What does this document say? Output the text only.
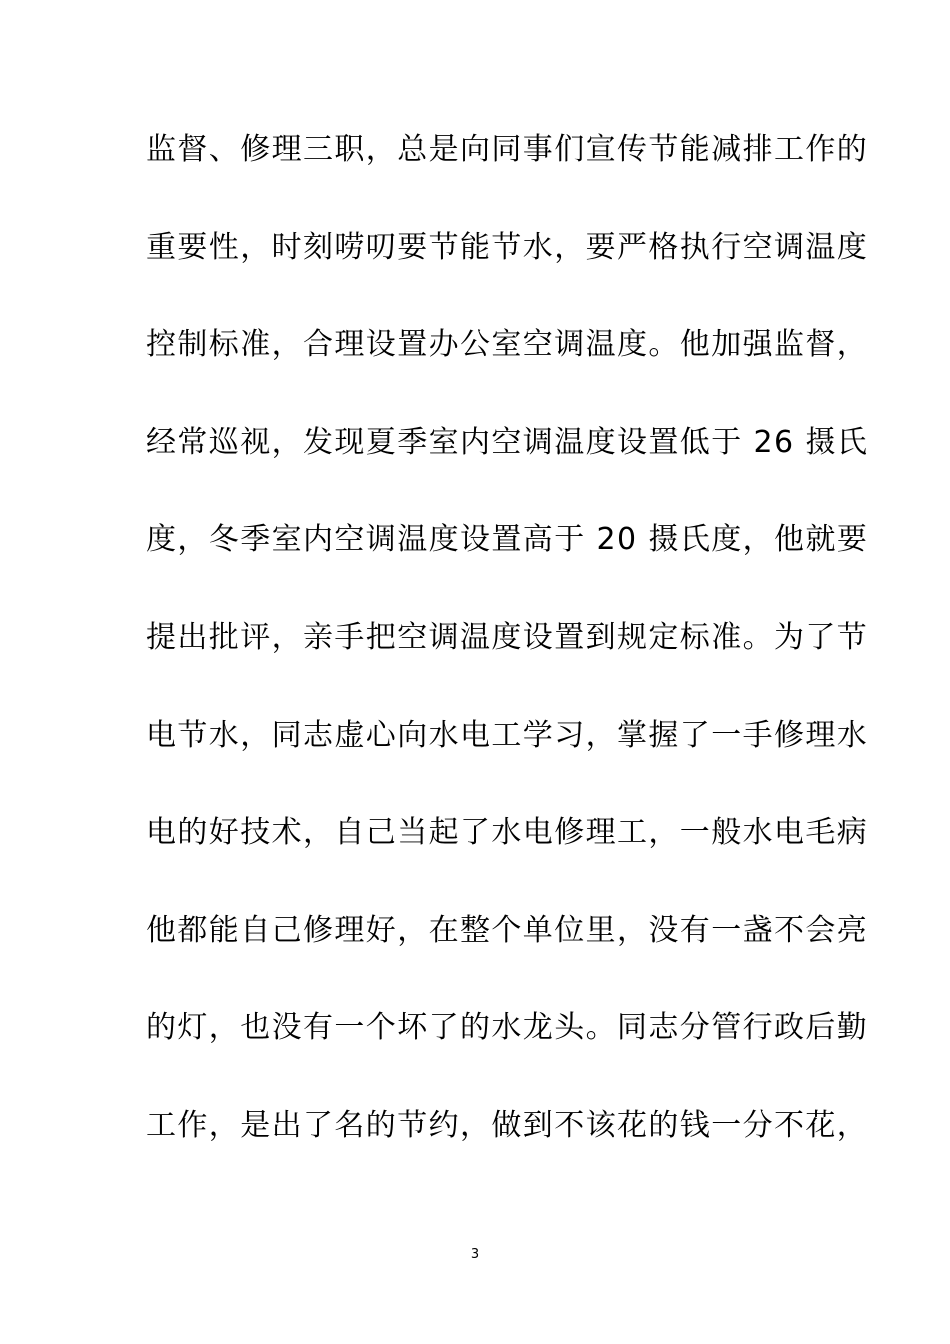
监督、修理三职，总是向同事们宣传节能减排工作的
重要性，时刻唠叨要节能节水，要严格执行空调温度
控制标准，合理设置办公室空调温度。他加强监督，
经常巡视，发现夏季室内空调温度设置低于 26 摄氏
度，冬季室内空调温度设置高于 20 摄氏度，他就要
提出批评，亲手把空调温度设置到规定标准。为了节
电节水，同志虚心向水电工学习，掌握了一手修理水
电的好技术，自己当起了水电修理工，一般水电毛病
他都能自己修理好，在整个单位里，没有一盏不会亮
的灯，也没有一个坏了的水龙头。同志分管行政后勤
工作，是出了名的节约，做到不该花的钱一分不花，
3
